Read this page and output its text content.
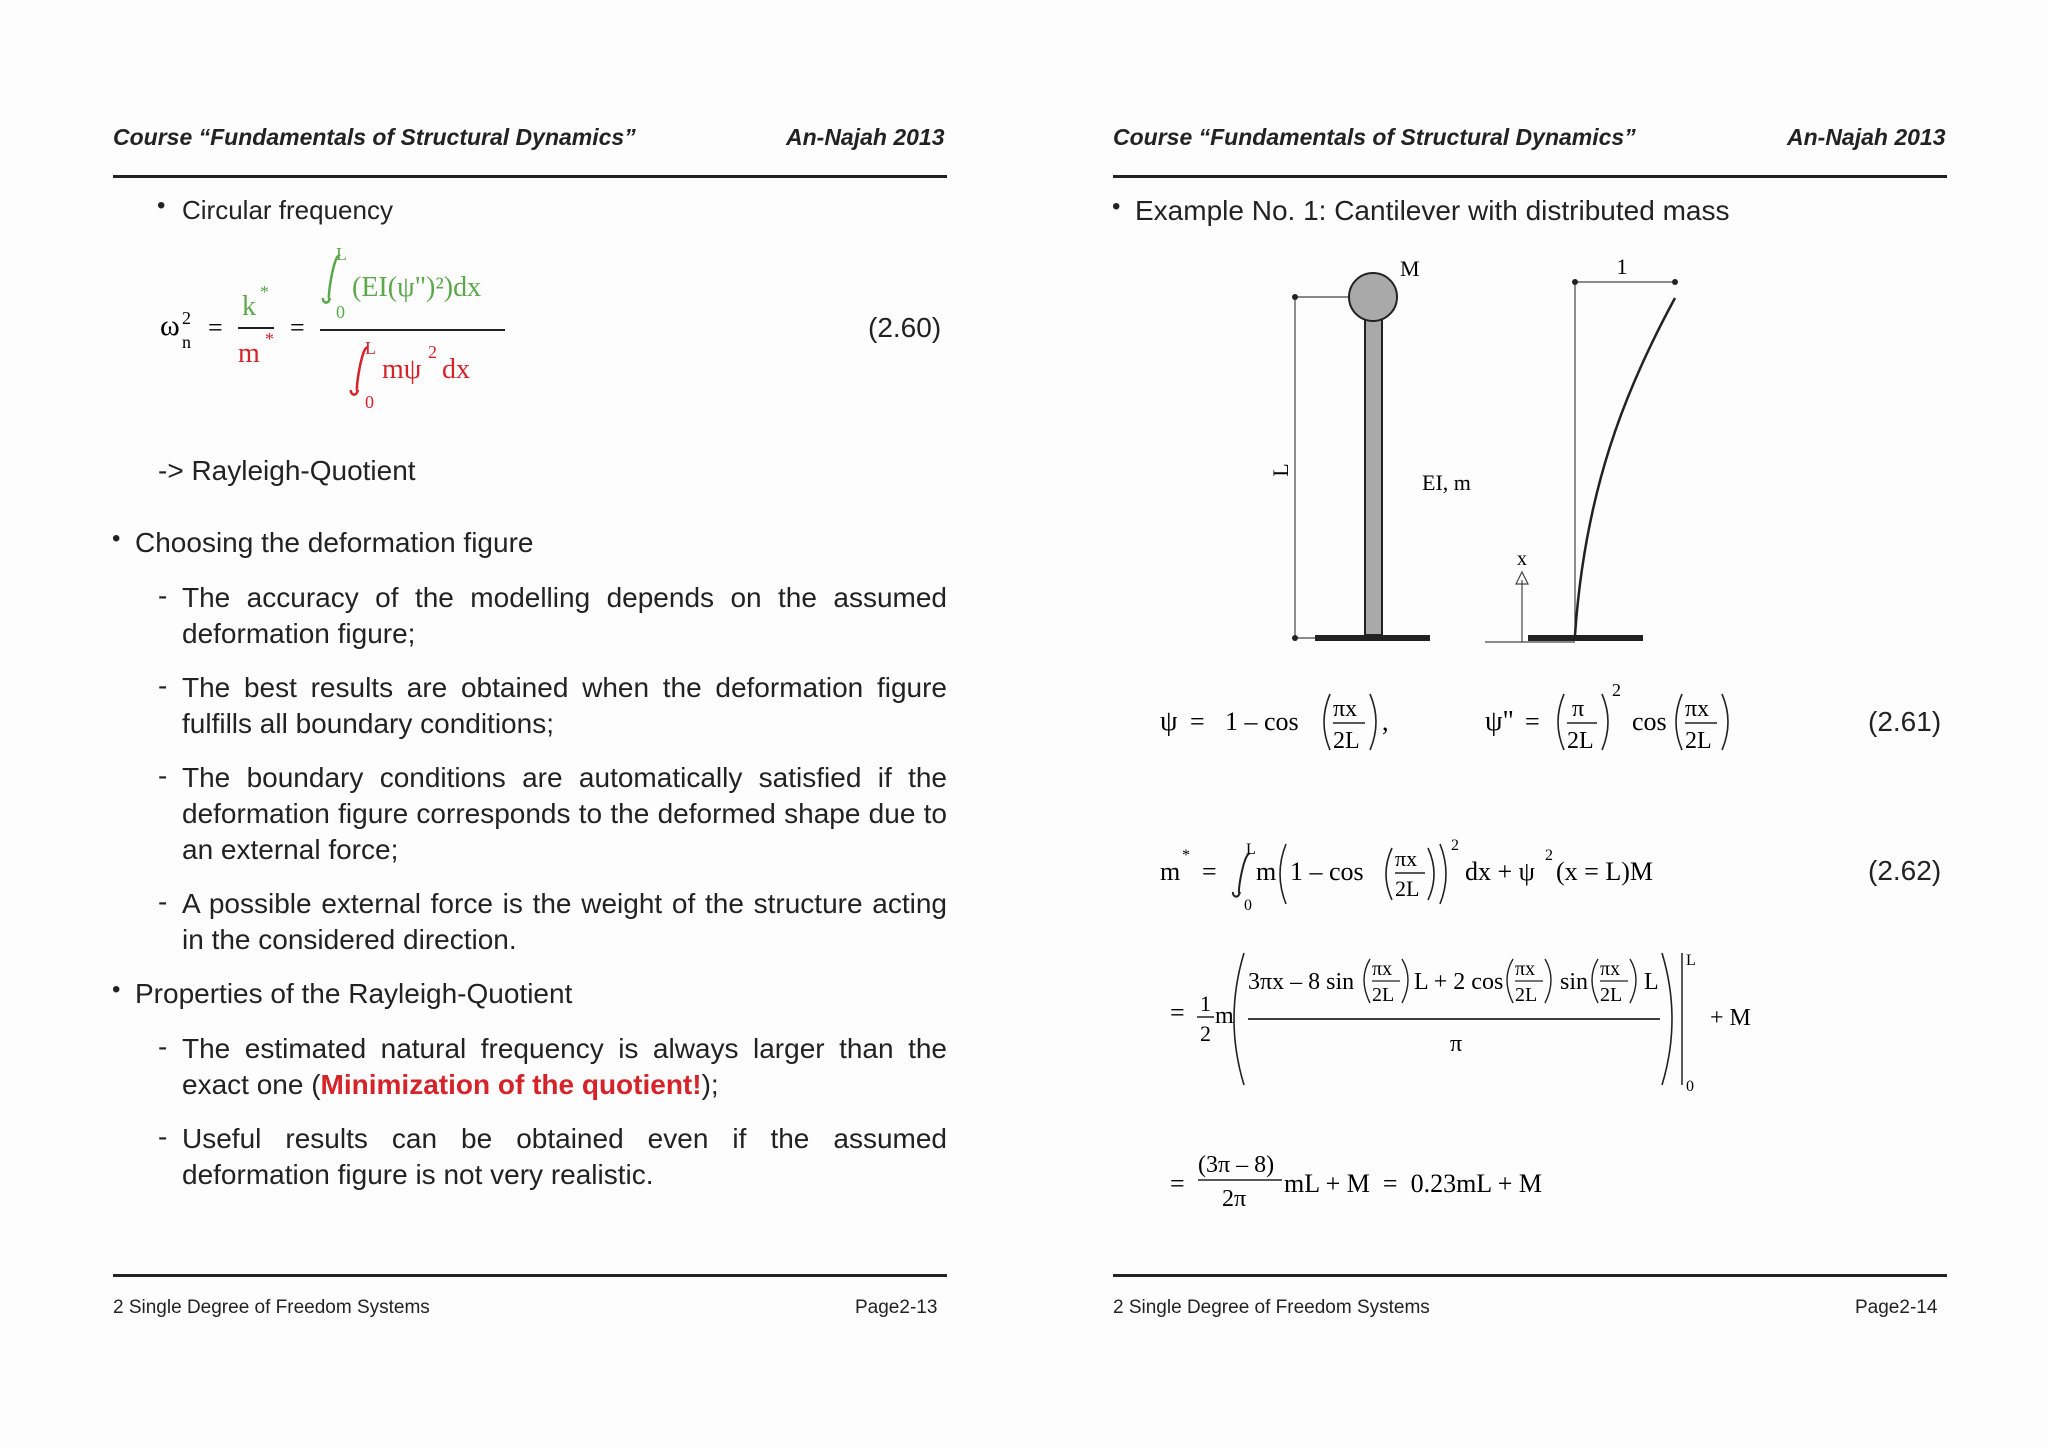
Course “Fundamentals of Structural Dynamics”	An-Najah 2013
• Circular frequency
ω 2
n =
k *
m * =
L
0
(EI(ψ")²)dx
L
0
mψ
2
dx
(2.60)
-> Rayleigh-Quotient
• Choosing the deformation figure
- The accuracy of the modelling depends on the assumed deformation figure;
- The best results are obtained when the deformation figure fulfills all boundary conditions;
- The boundary conditions are automatically satisfied if the deformation figure corresponds to the deformed shape due to an external force;
- A possible external force is the weight of the structure acting in the considered direction.
• Properties of the Rayleigh-Quotient
- The estimated natural frequency is always larger than the exact one (Minimization of the quotient!);
- Useful results can be obtained even if the assumed deformation figure is not very realistic.
2 Single Degree of Freedom Systems	Page2-13
Course “Fundamentals of Structural Dynamics”	An-Najah 2013
• Example No. 1: Cantilever with distributed mass
L
M
EI, m
1
x
ψ = 1 – cos πx
2L
,	ψ" = π
2L
2
cos πx
2L
(2.61)
m
*
=
L
0
m 1 – cos πx
2L
2
dx + ψ
2
(x = L)M	(2.62)
= 1
2
m
3πx – 8 sin πx
2L L + 2 cos πx
2L sin πx
2L L
π
L
0
+ M
=
(3π – 8)
2π
mL + M  =  0.23mL + M
2 Single Degree of Freedom Systems	Page2-14
